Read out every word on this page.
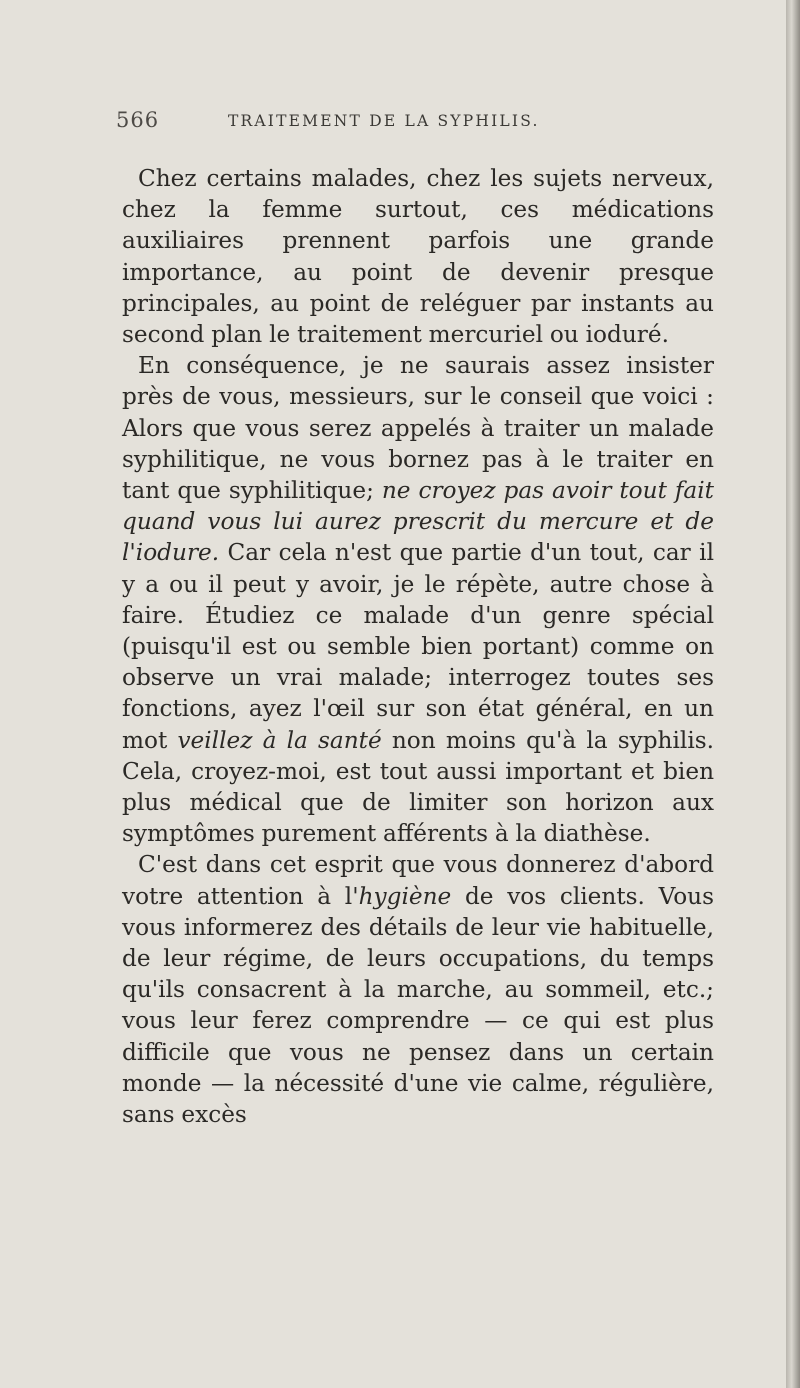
566	TRAITEMENT DE LA SYPHILIS.

Chez certains malades, chez les sujets nerveux, chez la femme surtout, ces médications auxiliaires prennent parfois une grande importance, au point de devenir presque principales, au point de reléguer par instants au second plan le traitement mercuriel ou ioduré.

En conséquence, je ne saurais assez insister près de vous, messieurs, sur le conseil que voici : Alors que vous serez appelés à traiter un malade syphilitique, ne vous bornez pas à le traiter en tant que syphilitique; ne croyez pas avoir tout fait quand vous lui aurez prescrit du mercure et de l'iodure. Car cela n'est que partie d'un tout, car il y a ou il peut y avoir, je le répète, autre chose à faire. Étudiez ce malade d'un genre spécial (puisqu'il est ou semble bien portant) comme on observe un vrai malade; interrogez toutes ses fonctions, ayez l'œil sur son état général, en un mot veillez à la santé non moins qu'à la syphilis. Cela, croyez-moi, est tout aussi important et bien plus médical que de limiter son horizon aux symptômes purement afférents à la diathèse.

C'est dans cet esprit que vous donnerez d'abord votre attention à l'hygiène de vos clients. Vous vous informerez des détails de leur vie habituelle, de leur régime, de leurs occupations, du temps qu'ils consacrent à la marche, au sommeil, etc.; vous leur ferez comprendre — ce qui est plus difficile que vous ne pensez dans un certain monde — la nécessité d'une vie calme, régulière, sans excès
